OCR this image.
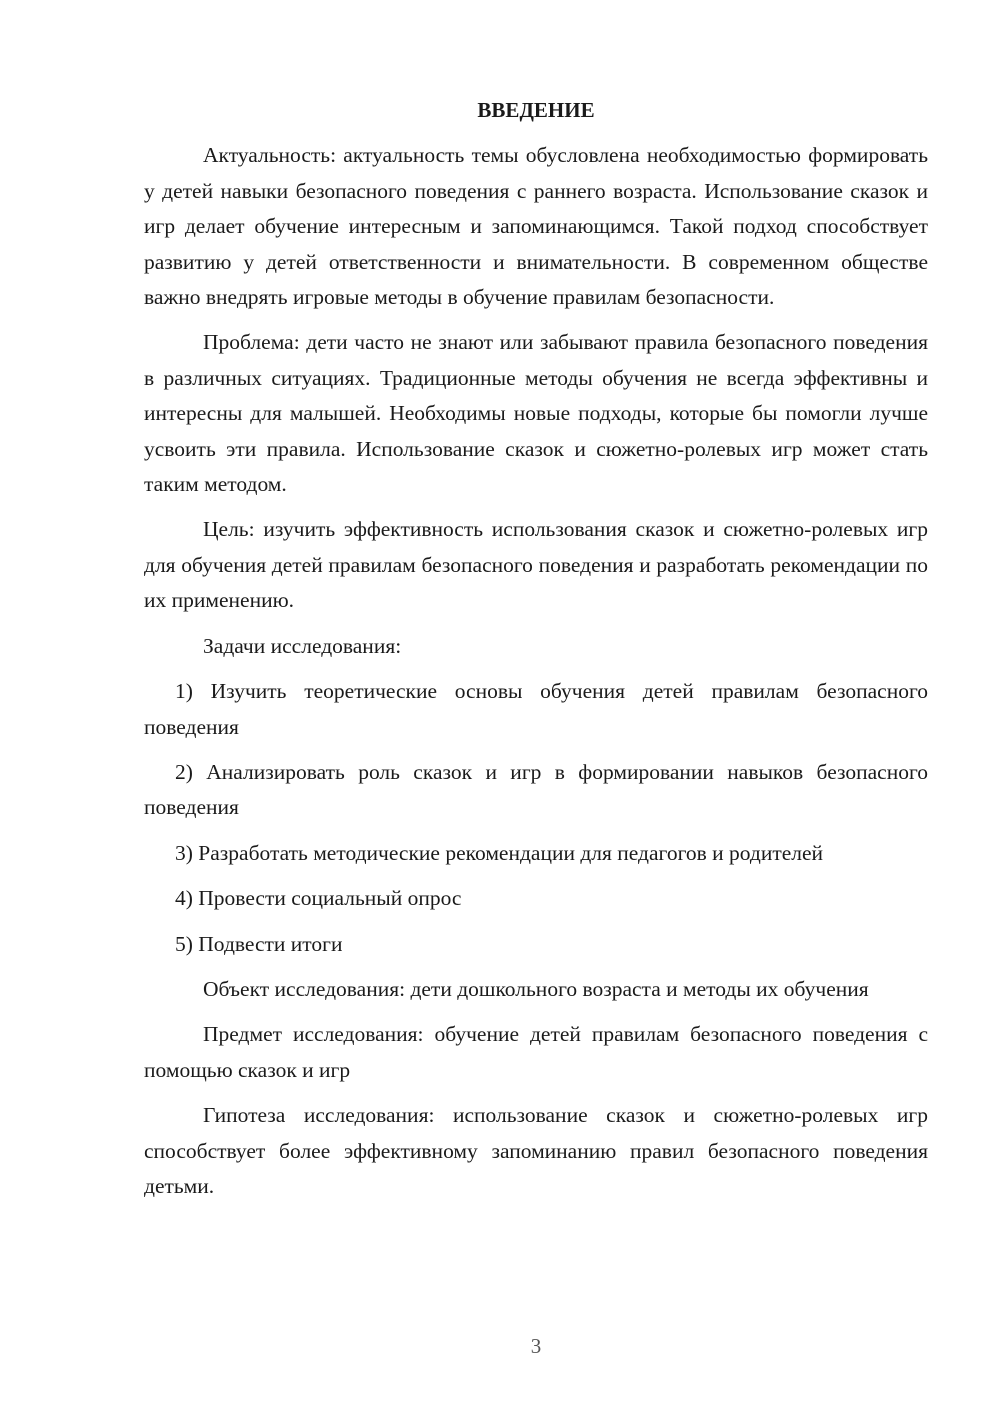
ВВЕДЕНИЕ

Актуальность: актуальность темы обусловлена необходимостью формировать у детей навыки безопасного поведения с раннего возраста. Использование сказок и игр делает обучение интересным и запоминающимся. Такой подход способствует развитию у детей ответственности и внимательности. В современном обществе важно внедрять игровые методы в обучение правилам безопасности.

Проблема: дети часто не знают или забывают правила безопасного поведения в различных ситуациях. Традиционные методы обучения не всегда эффективны и интересны для малышей. Необходимы новые подходы, которые бы помогли лучше усвоить эти правила. Использование сказок и сюжетно-ролевых игр может стать таким методом.

Цель: изучить эффективность использования сказок и сюжетно-ролевых игр для обучения детей правилам безопасного поведения и разработать рекомендации по их применению.

Задачи исследования:

1) Изучить теоретические основы обучения детей правилам безопасного поведения

2) Анализировать роль сказок и игр в формировании навыков безопасного поведения

3) Разработать методические рекомендации для педагогов и родителей

4) Провести социальный опрос

5) Подвести итоги

Объект исследования: дети дошкольного возраста и методы их обучения

Предмет исследования: обучение детей правилам безопасного поведения с помощью сказок и игр

Гипотеза исследования: использование сказок и сюжетно-ролевых игр способствует более эффективному запоминанию правил безопасного поведения детьми.

3
